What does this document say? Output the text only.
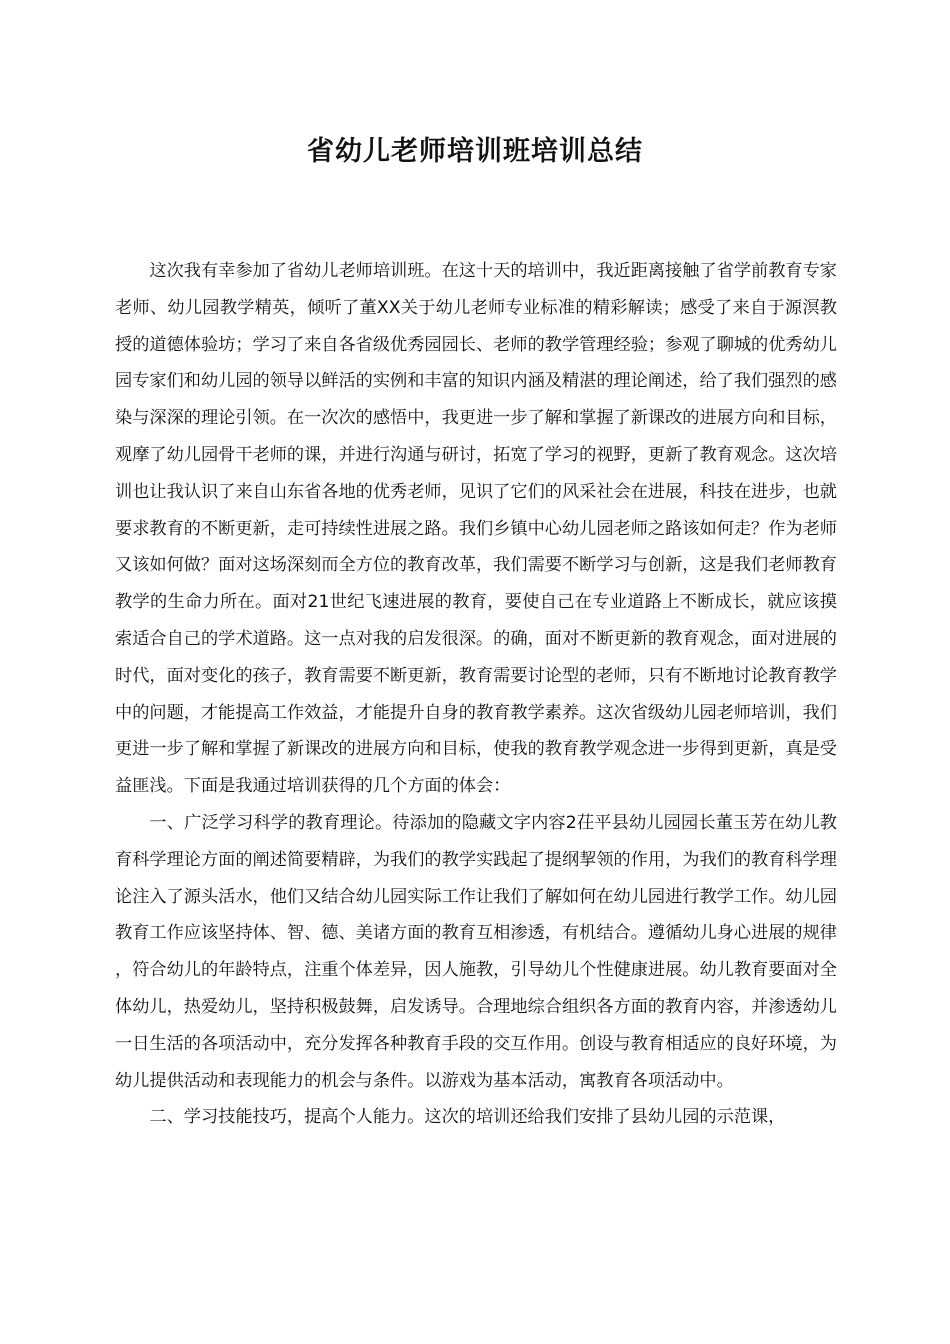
省幼儿老师培训班培训总结

这次我有幸参加了省幼儿老师培训班。在这十天的培训中，我近距离接触了省学前教育专家老师、幼儿园教学精英，倾听了董XX关于幼儿老师专业标准的精彩解读；感受了来自于源溟教授的道德体验坊；学习了来自各省级优秀园园长、老师的教学管理经验；参观了聊城的优秀幼儿园专家们和幼儿园的领导以鲜活的实例和丰富的知识内涵及精湛的理论阐述，给了我们强烈的感染与深深的理论引领。在一次次的感悟中，我更进一步了解和掌握了新课改的进展方向和目标，观摩了幼儿园骨干老师的课，并进行沟通与研讨，拓宽了学习的视野，更新了教育观念。这次培训也让我认识了来自山东省各地的优秀老师，见识了它们的风采社会在进展，科技在进步，也就要求教育的不断更新，走可持续性进展之路。我们乡镇中心幼儿园老师之路该如何走？作为老师又该如何做？面对这场深刻而全方位的教育改革，我们需要不断学习与创新，这是我们老师教育教学的生命力所在。面对21世纪飞速进展的教育，要使自己在专业道路上不断成长，就应该摸索适合自己的学术道路。这一点对我的启发很深。的确，面对不断更新的教育观念，面对进展的时代，面对变化的孩子，教育需要不断更新，教育需要讨论型的老师，只有不断地讨论教育教学中的问题，才能提高工作效益，才能提升自身的教育教学素养。这次省级幼儿园老师培训，我们更进一步了解和掌握了新课改的进展方向和目标，使我的教育教学观念进一步得到更新，真是受益匪浅。下面是我通过培训获得的几个方面的体会：

一、广泛学习科学的教育理论。待添加的隐藏文字内容2茌平县幼儿园园长董玉芳在幼儿教育科学理论方面的阐述简要精辟，为我们的教学实践起了提纲挈领的作用，为我们的教育科学理论注入了源头活水，他们又结合幼儿园实际工作让我们了解如何在幼儿园进行教学工作。幼儿园教育工作应该坚持体、智、德、美诸方面的教育互相渗透，有机结合。遵循幼儿身心进展的规律，符合幼儿的年龄特点，注重个体差异，因人施教，引导幼儿个性健康进展。幼儿教育要面对全体幼儿，热爱幼儿，坚持积极鼓舞，启发诱导。合理地综合组织各方面的教育内容，并渗透幼儿一日生活的各项活动中，充分发挥各种教育手段的交互作用。创设与教育相适应的良好环境，为幼儿提供活动和表现能力的机会与条件。以游戏为基本活动，寓教育各项活动中。

二、学习技能技巧，提高个人能力。这次的培训还给我们安排了县幼儿园的示范课，
